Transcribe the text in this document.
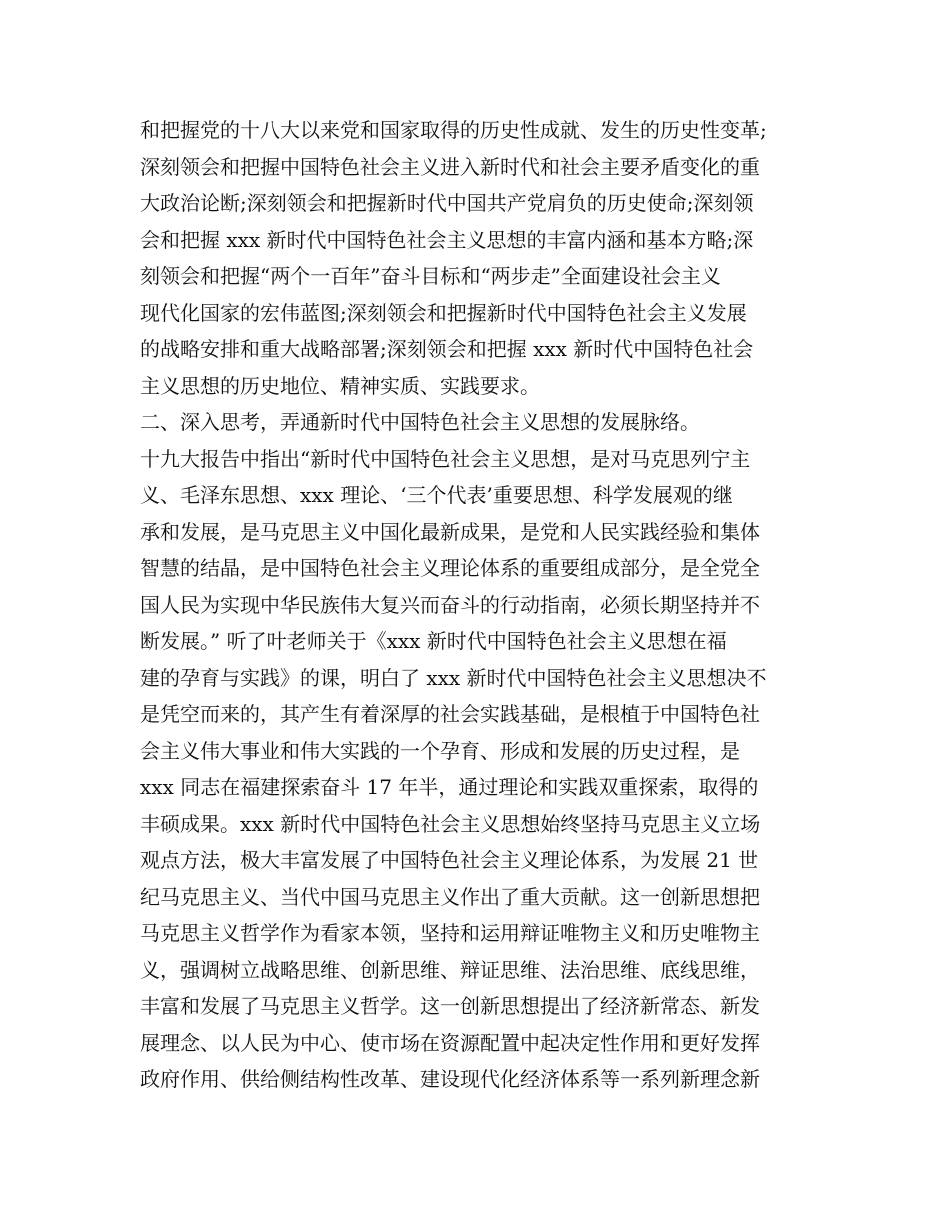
和把握党的十八大以来党和国家取得的历史性成就、发生的历史性变革;
深刻领会和把握中国特色社会主义进入新时代和社会主要矛盾变化的重
大政治论断;深刻领会和把握新时代中国共产党肩负的历史使命;深刻领
会和把握 xxx 新时代中国特色社会主义思想的丰富内涵和基本方略;深
刻领会和把握“两个一百年”奋斗目标和“两步走”全面建设社会主义
现代化国家的宏伟蓝图;深刻领会和把握新时代中国特色社会主义发展
的战略安排和重大战略部署;深刻领会和把握 xxx 新时代中国特色社会
主义思想的历史地位、精神实质、实践要求。
二、深入思考，弄通新时代中国特色社会主义思想的发展脉络。
十九大报告中指出“新时代中国特色社会主义思想，是对马克思列宁主
义、毛泽东思想、xxx 理论、‘三个代表’重要思想、科学发展观的继
承和发展，是马克思主义中国化最新成果，是党和人民实践经验和集体
智慧的结晶，是中国特色社会主义理论体系的重要组成部分，是全党全
国人民为实现中华民族伟大复兴而奋斗的行动指南，必须长期坚持并不
断发展。” 听了叶老师关于《xxx 新时代中国特色社会主义思想在福
建的孕育与实践》的课，明白了 xxx 新时代中国特色社会主义思想决不
是凭空而来的，其产生有着深厚的社会实践基础，是根植于中国特色社
会主义伟大事业和伟大实践的一个孕育、形成和发展的历史过程，是
xxx 同志在福建探索奋斗 17 年半，通过理论和实践双重探索，取得的
丰硕成果。xxx 新时代中国特色社会主义思想始终坚持马克思主义立场
观点方法，极大丰富发展了中国特色社会主义理论体系，为发展 21 世
纪马克思主义、当代中国马克思主义作出了重大贡献。这一创新思想把
马克思主义哲学作为看家本领，坚持和运用辩证唯物主义和历史唯物主
义，强调树立战略思维、创新思维、辩证思维、法治思维、底线思维，
丰富和发展了马克思主义哲学。这一创新思想提出了经济新常态、新发
展理念、以人民为中心、使市场在资源配置中起决定性作用和更好发挥
政府作用、供给侧结构性改革、建设现代化经济体系等一系列新理念新
